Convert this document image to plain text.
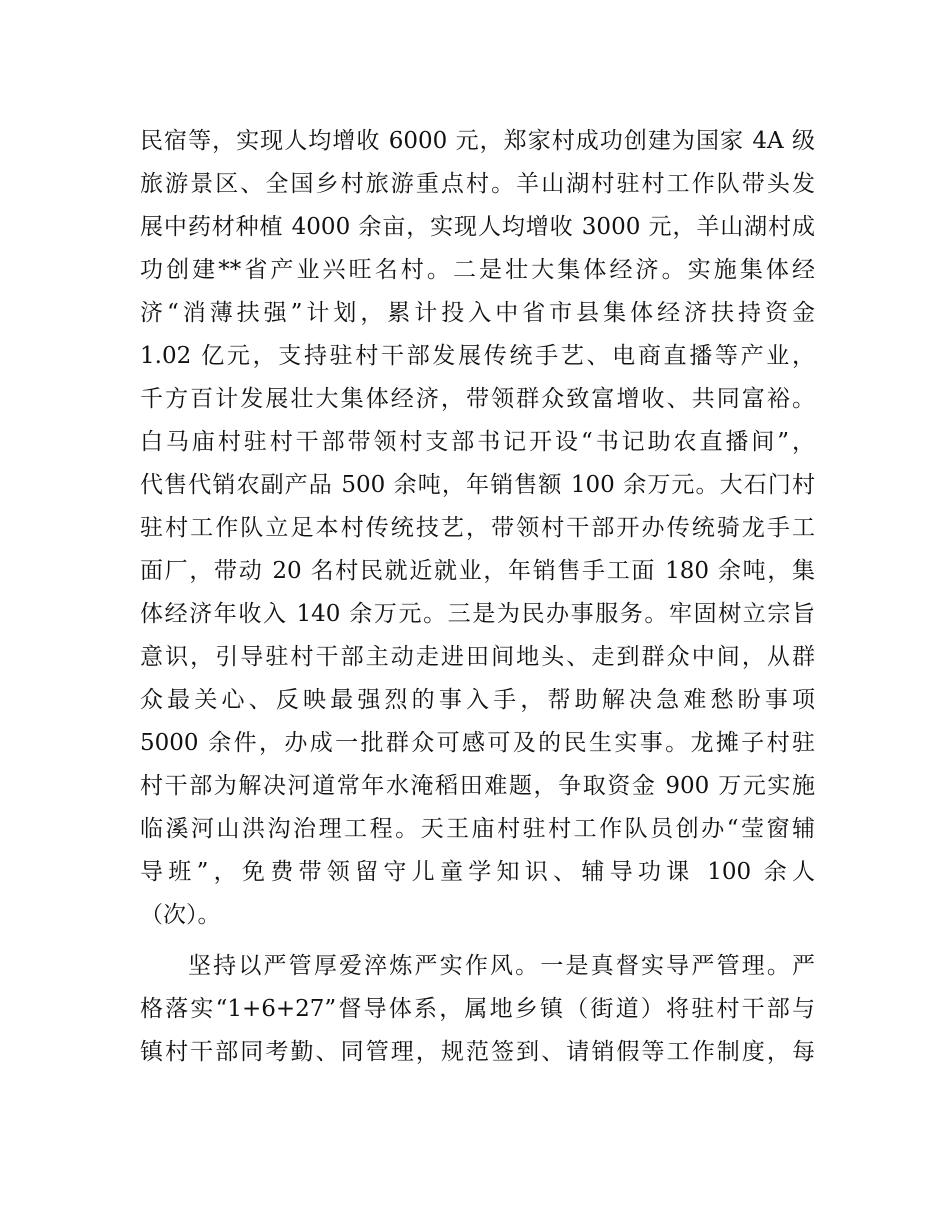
民宿等，实现人均增收 6000 元，郑家村成功创建为国家 4A 级
旅游景区、全国乡村旅游重点村。羊山湖村驻村工作队带头发
展中药材种植 4000 余亩，实现人均增收 3000 元，羊山湖村成
功创建**省产业兴旺名村。二是壮大集体经济。实施集体经
济“消薄扶强”计划，累计投入中省市县集体经济扶持资金
1.02 亿元，支持驻村干部发展传统手艺、电商直播等产业，
千方百计发展壮大集体经济，带领群众致富增收、共同富裕。
白马庙村驻村干部带领村支部书记开设“书记助农直播间”，
代售代销农副产品 500 余吨，年销售额 100 余万元。大石门村
驻村工作队立足本村传统技艺，带领村干部开办传统骑龙手工
面厂，带动 20 名村民就近就业，年销售手工面 180 余吨，集
体经济年收入 140 余万元。三是为民办事服务。牢固树立宗旨
意识，引导驻村干部主动走进田间地头、走到群众中间，从群
众最关心、反映最强烈的事入手，帮助解决急难愁盼事项
5000 余件，办成一批群众可感可及的民生实事。龙摊子村驻
村干部为解决河道常年水淹稻田难题，争取资金 900 万元实施
临溪河山洪沟治理工程。天王庙村驻村工作队员创办“莹窗辅
导班”，免费带领留守儿童学知识、辅导功课 100 余人
（次）。
坚持以严管厚爱淬炼严实作风。一是真督实导严管理。严
格落实“1+6+27”督导体系，属地乡镇（街道）将驻村干部与
镇村干部同考勤、同管理，规范签到、请销假等工作制度，每
